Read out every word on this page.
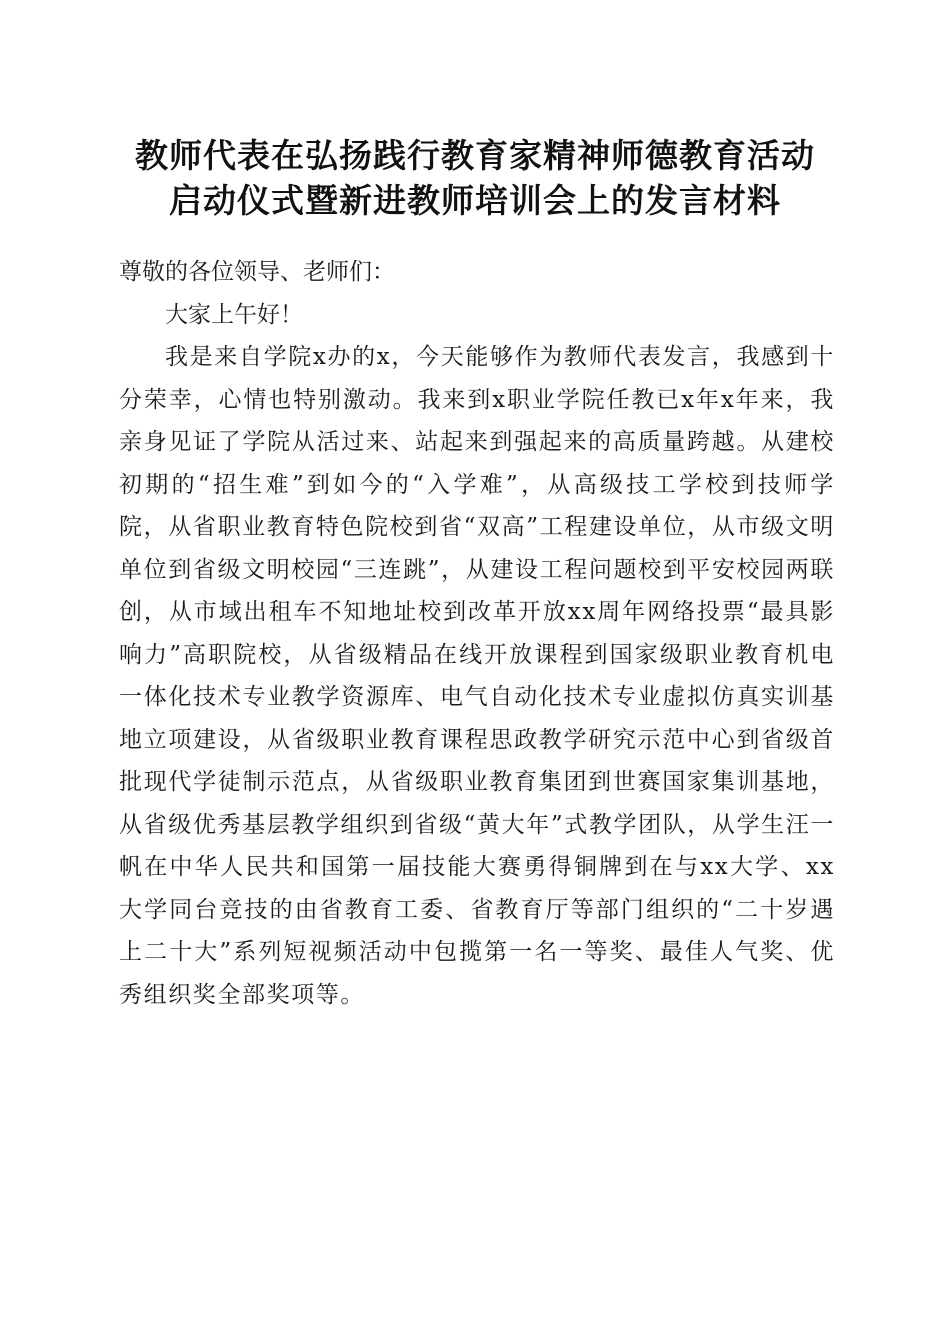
教师代表在弘扬践行教育家精神师德教育活动
启动仪式暨新进教师培训会上的发言材料

尊敬的各位领导、老师们：

大家上午好！

我是来自学院x办的x，今天能够作为教师代表发言，我感到十分荣幸，心情也特别激动。我来到x职业学院任教已x年x年来，我亲身见证了学院从活过来、站起来到强起来的高质量跨越。从建校初期的“招生难”到如今的“入学难”，从高级技工学校到技师学院，从省职业教育特色院校到省“双高”工程建设单位，从市级文明单位到省级文明校园“三连跳”，从建设工程问题校到平安校园两联创，从市域出租车不知地址校到改革开放xx周年网络投票“最具影响力”高职院校，从省级精品在线开放课程到国家级职业教育机电一体化技术专业教学资源库、电气自动化技术专业虚拟仿真实训基地立项建设，从省级职业教育课程思政教学研究示范中心到省级首批现代学徒制示范点，从省级职业教育集团到世赛国家集训基地，从省级优秀基层教学组织到省级“黄大年”式教学团队，从学生汪一帆在中华人民共和国第一届技能大赛勇得铜牌到在与xx大学、xx大学同台竞技的由省教育工委、省教育厅等部门组织的“二十岁遇上二十大”系列短视频活动中包揽第一名一等奖、最佳人气奖、优秀组织奖全部奖项等。
